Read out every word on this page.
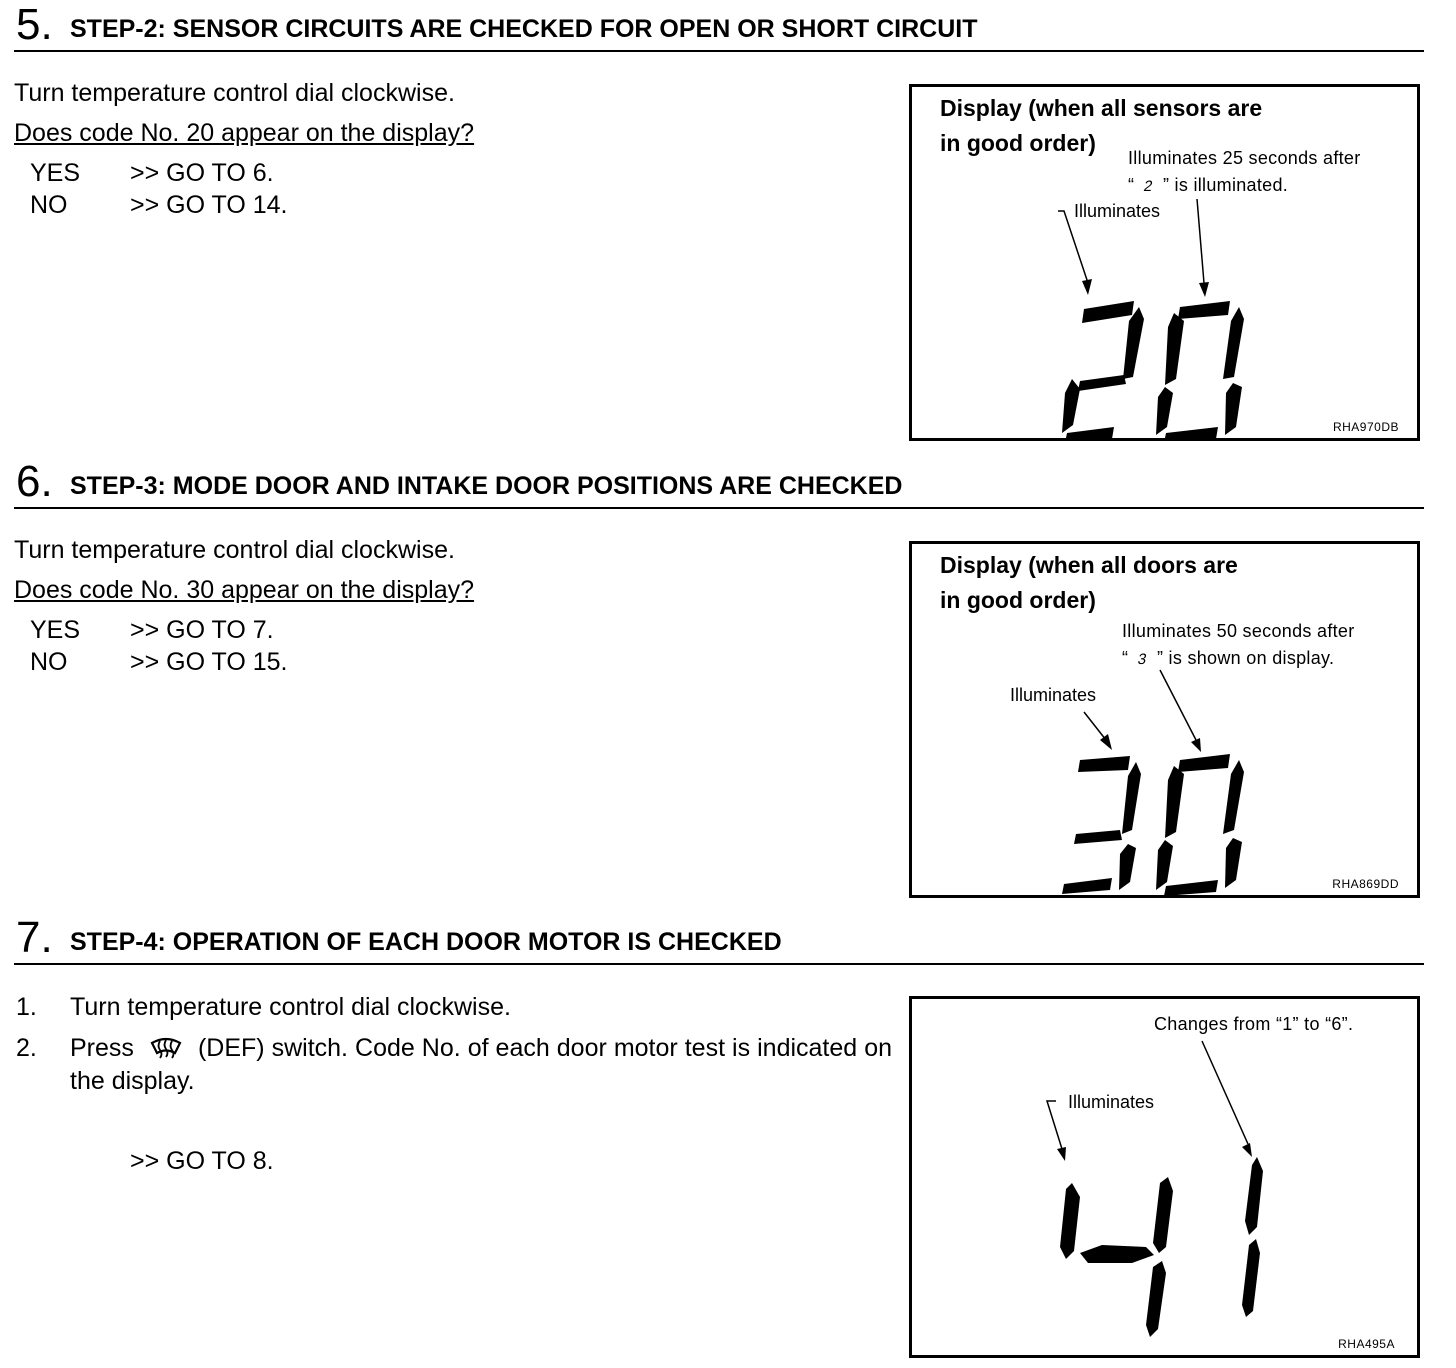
5. STEP-2: SENSOR CIRCUITS ARE CHECKED FOR OPEN OR SHORT CIRCUIT
Turn temperature control dial clockwise.
Does code No. 20 appear on the display?
YES >> GO TO 6.
NO	>> GO TO 14.
Display (when all sensors are
in good order)
Illuminates 25 seconds after
“ 2 ” is illuminated.
Illuminates
RHA970DB
6. STEP-3: MODE DOOR AND INTAKE DOOR POSITIONS ARE CHECKED
Turn temperature control dial clockwise.
Does code No. 30 appear on the display?
YES >> GO TO 7.
NO	>> GO TO 15.
Display (when all doors are
in good order)
Illuminates 50 seconds after
“ 3 ” is shown on display.
Illuminates
RHA869DD
7. STEP-4: OPERATION OF EACH DOOR MOTOR IS CHECKED
1. Turn temperature control dial clockwise.
2. Press	(DEF) switch. Code No. of each door motor test is indicated on the display.
>> GO TO 8.
Changes from “1” to “6”.
Illuminates
RHA495A
